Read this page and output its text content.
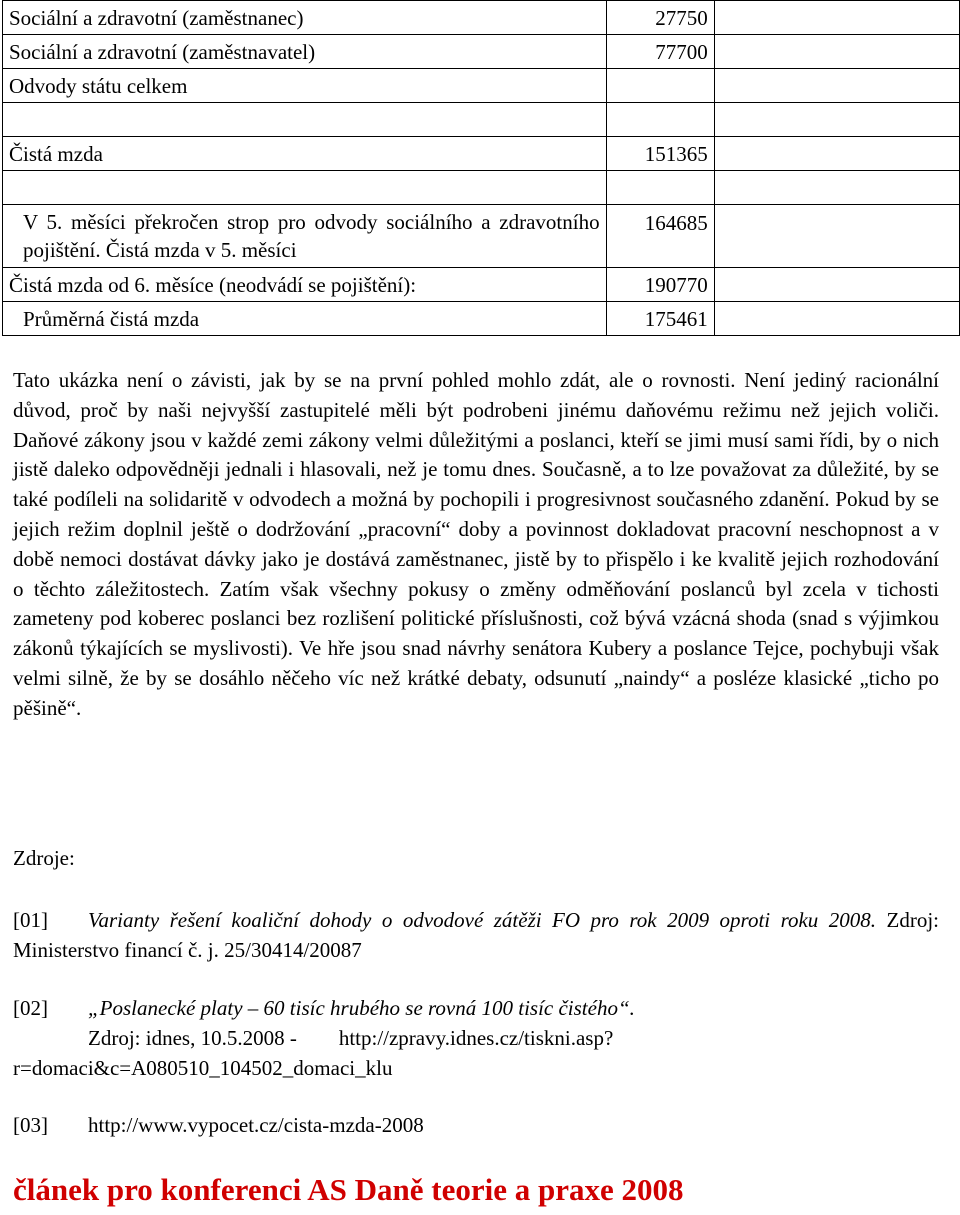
Sociální a zdravotní (zaměstnanec)	27750	
Sociální a zdravotní (zaměstnavatel)	77700	
Odvody státu celkem		

Čistá mzda	151365	

V 5. měsíci překročen strop pro odvody sociálního a zdravotního pojištění. Čistá mzda v 5. měsíci	164685	
Čistá mzda od 6. měsíce (neodvádí se pojištění):	190770	
Průměrná čistá mzda	175461	
Tato ukázka není o závisti, jak by se na první pohled mohlo zdát, ale o rovnosti. Není jediný racionální důvod, proč by naši nejvyšší zastupitelé měli být podrobeni jinému daňovému režimu než jejich voliči. Daňové zákony jsou v každé zemi zákony velmi důležitými a poslanci, kteří se jimi musí sami řídi, by o nich jistě daleko odpovědněji jednali i hlasovali, než je tomu dnes. Současně, a to lze považovat za důležité, by se také podíleli na solidaritě v odvodech a možná by pochopili i progresivnost současného zdanění. Pokud by se jejich režim doplnil ještě o dodržování „pracovní“ doby a povinnost dokladovat pracovní neschopnost a v době nemoci dostávat dávky jako je dostává zaměstnanec, jistě by to přispělo i ke kvalitě jejich rozhodování o těchto záležitostech. Zatím však všechny pokusy o změny odměňování poslanců byl zcela v tichosti zameteny pod koberec poslanci bez rozlišení politické příslušnosti, což bývá vzácná shoda (snad s výjimkou zákonů týkajících se myslivosti). Ve hře jsou snad návrhy senátora Kubery a poslance Tejce, pochybuji však velmi silně, že by se dosáhlo něčeho víc než krátké debaty, odsunutí „naindy“ a posléze klasické „ticho po pěšině“.
Zdroje:
[01] Varianty řešení koaliční dohody o odvodové zátěži FO pro rok 2009 oproti roku 2008. Zdroj: Ministerstvo financí č. j. 25/30414/20087
[02] „Poslanecké platy – 60 tisíc hrubého se rovná 100 tisíc čistého“.
Zdroj: idnes, 10.5.2008 - http://zpravy.idnes.cz/tiskni.asp?
r=domaci&c=A080510_104502_domaci_klu
[03] http://www.vypocet.cz/cista-mzda-2008
článek pro konferenci AS Daně teorie a praxe 2008
